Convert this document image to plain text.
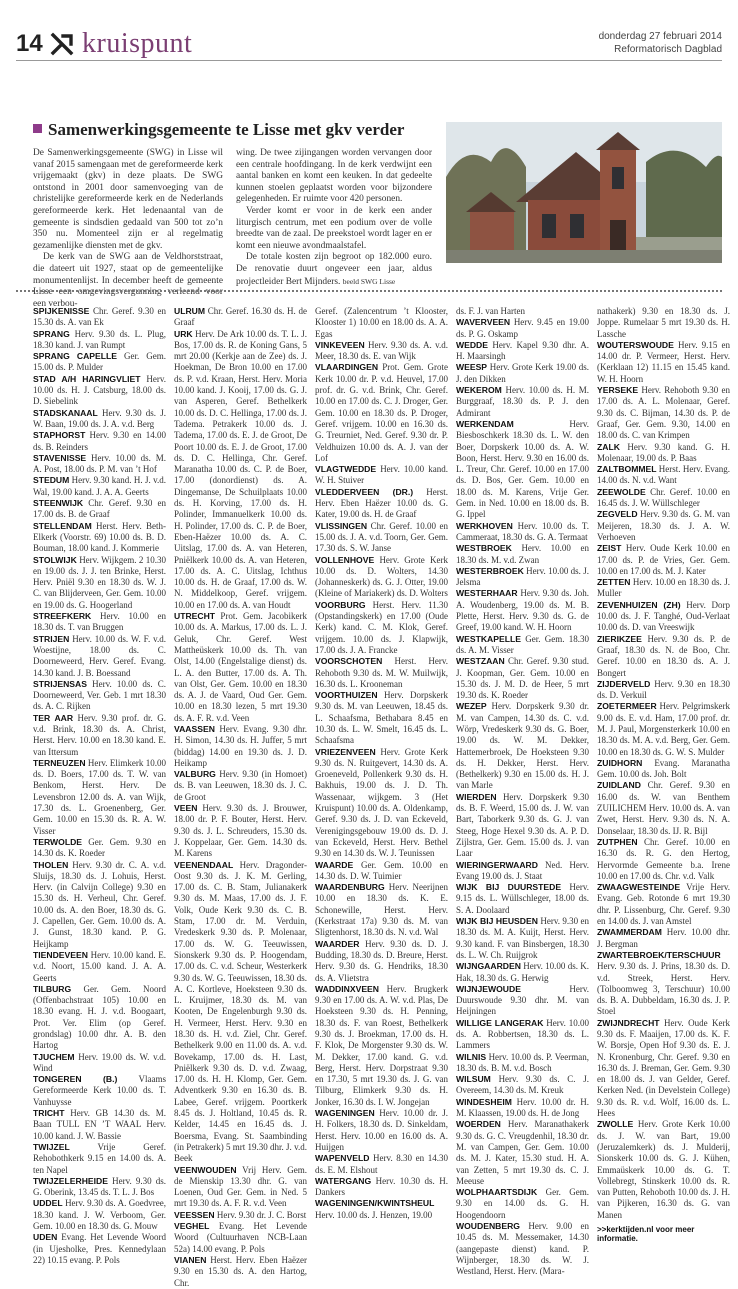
14 kruispunt	donderdag 27 februari 2014
Reformatorisch Dagblad
Samenwerkingsgemeente te Lisse met gkv verder

De Samenwerkingsgemeente (SWG) in Lisse wil vanaf 2015 samengaan met de gereformeerde kerk vrijgemaakt (gkv) in deze plaats. De SWG ontstond in 2001 door samenvoeging van de christelijke gereformeerde kerk en de Nederlands gereformeerde kerk. Het ledenaantal van de gemeente is sindsdien gedaald van 500 tot zo’n 350 nu. Momenteel zijn er al regelmatig gezamenlijke diensten met de gkv.

De kerk van de SWG aan de Veldhorststraat, die dateert uit 1927, staat op de gemeentelijke monumentenlijst. In december heeft de gemeente Lisse een omgevingsvergunning verleend voor een verbou-

wing. De twee zijingangen worden vervangen door een centrale hoofdingang. In de kerk verdwijnt een aantal banken en komt een keuken. In dat gedeelte kunnen stoelen geplaatst worden voor bijzondere gelegenheden. Er ruimte voor 420 personen.

Verder komt er voor in de kerk een ander liturgisch centrum, met een podium over de volle breedte van de zaal. De preekstoel wordt lager en er komt een nieuwe avondmaalstafel.

De totale kosten zijn begroot op 182.000 euro. De renovatie duurt ongeveer een jaar, aldus projectleider Bert Mijnders. beeld SWG Lisse

SPIJKENISSE Chr. Geref. 9.30 en 15.30 ds. A. van Ek

SPRANG Herv. 9.30 ds. L. Plug, 18.30 kand. J. van Rumpt

SPRANG CAPELLE Ger. Gem. 15.00 ds. P. Mulder

STAD A/H HARINGVLIET Herv. 10.00 ds. H. J. Catsburg, 18.00 ds. D. Siebelink

STADSKANAAL Herv. 9.30 ds. J. W. Baan, 19.00 ds. J. A. v.d. Berg

STAPHORST Herv. 9.30 en 14.00 ds. B. Reinders

STAVENISSE Herv. 10.00 ds. M. A. Post, 18.00 ds. P. M. van ’t Hof

STEDUM Herv. 9.30 kand. H. J. v.d. Wal, 19.00 kand. J. A. A. Geerts

STEENWIJK Chr. Geref. 9.30 en 17.00 ds. B. de Graaf

STELLENDAM Herst. Herv. Beth-Elkerk (Voorstr. 69) 10.00 ds. B. D. Bouman, 18.00 kand. J. Kommerie

STOLWIJK Herv. Wijkgem. 2 10.30 en 19.00 ds. J. J. ten Brinke, Herst. Herv. Pniël 9.30 en 18.30 ds. W. J. C. van Blijderveen, Ger. Gem. 10.00 en 19.00 ds. G. Hoogerland

STREEFKERK Herv. 10.00 en 18.30 ds. T. van Bruggen

STRIJEN Herv. 10.00 ds. W. F. v.d. Woestijne, 18.00 ds. C. Doorneweerd, Herv. Geref. Evang. 14.30 kand. J. B. Boessand

STRIJENSAS Herv. 10.00 ds. C. Doorneweerd, Ver. Geb. 1 mrt 18.30 ds. A. C. Rijken

TER AAR Herv. 9.30 prof. dr. G. v.d. Brink, 18.30 ds. A. Christ, Herst. Herv. 10.00 en 18.30 kand. E. van Ittersum

TERNEUZEN Herv. Elimkerk 10.00 ds. D. Boers, 17.00 ds. T. W. van Benkom, Herst. Herv. De Levensbron 12.00 ds. A. van Wijk, 17.30 ds. L. Groenenberg, Ger. Gem. 10.00 en 15.30 ds. R. A. W. Visser

TERWOLDE Ger. Gem. 9.30 en 14.30 ds. K. Roeder

THOLEN Herv. 9.30 dr. C. A. v.d. Sluijs, 18.30 ds. J. Lohuis, Herst. Herv. (in Calvijn College) 9.30 en 15.30 ds. H. Verheul, Chr. Geref. 10.00 ds. A. den Boer, 18.30 ds. G. J. Capellen, Ger. Gem. 10.00 ds. A. J. Gunst, 18.30 kand. P. G. Heijkamp

TIENDEVEEN Herv. 10.00 kand. E. v.d. Noort, 15.00 kand. J. A. A. Geerts

TILBURG Ger. Gem. Noord (Offenbachstraat 105) 10.00 en 18.30 evang. H. J. v.d. Boogaart, Prot. Ver. Elim (op Geref. grondslag) 10.00 dhr. A. B. den Hartog

TJUCHEM Herv. 19.00 ds. W. v.d. Wind

TONGEREN (B.) Vlaams Gereformeerde Kerk 10.00 ds. T. Vanhuysse

TRICHT Herv. GB 14.30 ds. M. Baan TULL EN ’T WAAL Herv. 10.00 kand. J. W. Bassie

TWIJZEL	Vrije Geref. Rehobothkerk 9.15 en 14.00 ds. A. ten Napel

TWIJZELERHEIDE Herv. 9.30 ds. G. Oberink, 13.45 ds. T. L. J. Bos

UDDEL Herv. 9.30 ds. A. Goedvree, 18.30 kand. J. W. Verboom, Ger. Gem. 10.00 en 18.30 ds. G. Mouw

UDEN Evang. Het Levende Woord (in Ujesholke, Pres. Kennedylaan 22) 10.15 evang. P. Pols

ULRUM Chr. Geref. 16.30 ds. H. de Graaf

URK Herv. De Ark 10.00 ds. T. L. J. Bos, 17.00 ds. R. de Koning Gans, 5 mrt 20.00 (Kerkje aan de Zee) ds. J. Hoekman, De Bron 10.00 en 17.00 ds. P. v.d. Kraan, Herst. Herv. Moria 10.00 kand. J. Kooij, 17.00 ds. G. J. van Asperen, Geref. Bethelkerk 10.00 ds. D. C. Hellinga, 17.00 ds. J. Tadema. Petrakerk 10.00 ds. J. Tadema, 17.00 ds. E. J. de Groot, De Poort 10.00 ds. E. J. de Groot, 17.00 ds. D. C. Hellinga, Chr. Geref. Maranatha 10.00 ds. C. P. de Boer, 17.00 (donordienst) ds. A. Dingemanse, De Schuilplaats 10.00 ds. H. Korving, 17.00 ds. H. Polinder, Immanuelkerk 10.00 ds. H. Polinder, 17.00 ds. C. P. de Boer, Eben-Haëzer 10.00 ds. A. C. Uitslag, 17.00 ds. A. van Heteren, Pniëlkerk 10.00 ds. A. van Heteren, 17.00 ds. A. C. Uitslag, Ichthus 10.00 ds. H. de Graaf, 17.00 ds. W. N. Middelkoop, Geref. vrijgem. 10.00 en 17.00 ds. A. van Houdt

UTRECHT Prot. Gem. Jacobikerk 10.00 ds. A. Markus, 17.00 ds. L. J. Geluk, Chr. Geref. West Mattheüskerk 10.00 ds. Th. van Olst, 14.00 (Engelstalige dienst) ds. L. A. den Butter, 17.00 ds. A. Th. van Olst, Ger. Gem. 10.00 en 18.30 ds. A. J. de Vaard, Oud Ger. Gem. 10.00 en 18.30 lezen, 5 mrt 19.30 ds. A. F. R. v.d. Veen

VAASSEN Herv. Evang. 9.30 dhr. H. Simon, 14.30 ds. H. Juffer, 5 mrt (biddag) 14.00 en 19.30 ds. J. D. Heikamp

VALBURG Herv. 9.30 (in Homoet) ds. B. van Leeuwen, 18.30 ds. J. C. de Groot

VEEN Herv. 9.30 ds. J. Brouwer, 18.00 dr. P. F. Bouter, Herst. Herv. 9.30 ds. J. L. Schreuders, 15.30 ds. J. Koppelaar, Ger. Gem. 14.30 ds. M. Karens

VEENENDAAL Herv. Dragonder-Oost 9.30 ds. J. K. M. Gerling, 17.00 ds. C. B. Stam, Julianakerk 9.30 ds. M. Maas, 17.00 ds. J. F. Volk, Oude Kerk 9.30 ds. C. B. Stam, 17.00 dr. M. Verduin, Vredeskerk 9.30 ds. P. Molenaar, 17.00 ds. W. G. Teeuwissen, Sionskerk 9.30 ds. P. Hoogendam, 17.00 ds. C. v.d. Scheur, Westerkerk 9.30 ds. W. G. Teeuwissen, 18.30 ds. A. C. Kortleve, Hoeksteen 9.30 ds. L. Kruijmer, 18.30 ds. M. van Kooten, De Engelenburgh 9.30 ds. H. Vermeer, Herst. Herv. 9.30 en 18.30 ds. H. v.d. Ziel, Chr. Geref. Bethelkerk 9.00 en 11.00 ds. A. v.d. Bovekamp, 17.00 ds. H. Last, Pniëlkerk 9.30 ds. D. v.d. Zwaag, 17.00 ds. H. H. Klomp, Ger. Gem. Adventkerk 9.30 en 16.30 ds. B. Labee, Geref. vrijgem. Poortkerk 8.45 ds. J. Holtland, 10.45 ds. R. Kelder, 14.45 en 16.45 ds. J. Boersma, Evang. St. Saambinding (in Petrakerk) 5 mrt 19.30 dhr. J. v.d. Beek

VEENWOUDEN Vrij Herv. Gem. de Mienskip 13.30 dhr. G. van Loenen, Oud Ger. Gem. in Ned. 5 mrt 19.30 ds. A. F. R. v.d. Veen

VEESSEN Herv. 9.30 dr. J. C. Borst

VEGHEL Evang. Het Levende Woord (Cultuurhaven NCB-Laan 52a) 14.00 evang. P. Pols

VIANEN Herst. Herv. Eben Haëzer 9.30 en 15.30 ds. A. den Hartog, Chr.

Geref. (Zalencentrum ’t Klooster, Klooster 1) 10.00 en 18.00 ds. A. A. Egas

VINKEVEEN Herv. 9.30 ds. A. v.d. Meer, 18.30 ds. E. van Wijk

VLAARDINGEN Prot. Gem. Grote Kerk 10.00 dr. P. v.d. Heuvel, 17.00 prof. dr. G. v.d. Brink, Chr. Geref. 10.00 en 17.00 ds. C. J. Droger, Ger. Gem. 10.00 en 18.30 ds. P. Droger, Geref. vrijgem. 10.00 en 16.30 ds. G. Treurniet, Ned. Geref. 9.30 dr. P. Veldhuizen 10.00 ds. A. J. van der Lof

VLAGTWEDDE Herv. 10.00 kand. W. H. Stuiver

VLEDDERVEEN (DR.) Herst. Herv. Eben Haëzer 10.00 ds. G. Kater, 19.00 ds. H. de Graaf

VLISSINGEN Chr. Geref. 10.00 en 15.00 ds. J. A. v.d. Toorn, Ger. Gem. 17.30 ds. S. W. Janse

VOLLENHOVE Herv. Grote Kerk 10.00 ds. D. Wolters, 14.30 (Johanneskerk) ds. G. J. Otter, 19.00 (Kleine of Mariakerk) ds. D. Wolters

VOORBURG Herst. Herv. 11.30 (Opstandingskerk) en 17.00 (Oude Kerk) kand. C. M. Klok, Geref. vrijgem. 10.00 ds. J. Klapwijk, 17.00 ds. J. A. Francke

VOORSCHOTEN Herst. Herv. Rehoboth 9.30 ds. M. W. Muilwijk, 16.30 ds. L. Krooneman

VOORTHUIZEN Herv. Dorpskerk 9.30 ds. M. van Leeuwen, 18.45 ds. L. Schaafsma, Bethabara 8.45 en 10.30 ds. L. W. Smelt, 16.45 ds. L. Schaafsma

VRIEZENVEEN Herv. Grote Kerk 9.30 ds. N. Ruitgevert, 14.30 ds. A. Groeneveld, Pollenkerk 9.30 ds. H. Bakhuis, 19.00 ds. J. D. Th. Wassenaar, wijkgem. 3 (Het Kruispunt) 10.00 ds. A. Oldenkamp, Geref. 9.30 ds. J. D. van Eckeveld, Verenigingsgebouw 19.00 ds. D. J. van Eckeveld, Herst. Herv. Bethel 9.30 en 14.30 ds. W. J. Teunissen

WAARDE Ger. Gem. 10.00 en 14.30 ds. D. W. Tuimier

WAARDENBURG Herv. Neerijnen 10.00 en 18.30 ds. K. E. Schonewille, Herst. Herv. (Kerkstraat 17a) 9.30 ds. M. van Sligtenhorst, 18.30 ds. N. v.d. Wal

WAARDER Herv. 9.30 ds. D. J. Budding, 18.30 ds. D. Breure, Herst. Herv. 9.30 ds. G. Hendriks, 18.30 ds. A. Vlietstra

WADDINXVEEN Herv. Brugkerk 9.30 en 17.00 ds. A. W. v.d. Plas, De Hoeksteen 9.30 ds. H. Penning, 18.30 ds. F. van Roest, Bethelkerk 9.30 ds. J. Broekman, 17.00 ds. H. F. Klok, De Morgenster 9.30 ds. W. M. Dekker, 17.00 kand. G. v.d. Berg, Herst. Herv. Dorpstraat 9.30 en 17.30, 5 mrt 19.30 ds. J. G. van Tilburg, Elimkerk 9.30 ds. H. Jonker, 16.30 ds. I. W. Jongejan

WAGENINGEN Herv. 10.00 dr. J. H. Folkers, 18.30 ds. D. Sinkeldam, Herst. Herv. 10.00 en 16.00 ds. A. Huijgen

WAPENVELD Herv. 8.30 en 14.30 ds. E. M. Elshout

WATERGANG Herv. 10.30 ds. H. Dankers

WAGENINGEN/KWINTSHEUL Herv. 10.00 ds. J. Henzen, 19.00

ds. F. J. van Harten

WAVERVEEN Herv. 9.45 en 19.00 ds. P. G. Oskamp

WEDDE Herv. Kapel 9.30 dhr. A. H. Maarsingh

WEESP Herv. Grote Kerk 19.00 ds. J. den Dikken

WEKEROM Herv. 10.00 ds. H. M. Burggraaf, 18.30 ds. P. J. den Admirant

WERKENDAM	Herv. Biesboschkerk 18.30 ds. L. W. den Boer, Dorpskerk 10.00 ds. A. W. Boon, Herst. Herv. 9.30 en 16.00 ds. L. Treur, Chr. Geref. 10.00 en 17.00 ds. D. Bos, Ger. Gem. 10.00 en 18.00 ds. M. Karens, Vrije Ger. Gem. in Ned. 10.00 en 18.00 ds. B. G. Ippel

WERKHOVEN Herv. 10.00 ds. T. Cammeraat, 18.30 ds. G. A. Termaat

WESTBROEK Herv. 10.00 en 18.30 ds. M. v.d. Zwan

WESTERBROEK Herv. 10.00 ds. J. Jelsma

WESTERHAAR Herv. 9.30 ds. Joh. A. Woudenberg, 19.00 ds. M. B. Plette, Herst. Herv. 9.30 ds. G. de Greef, 19.00 kand. W. H. Hoorn

WESTKAPELLE Ger. Gem. 18.30 ds. A. M. Visser

WESTZAAN Chr. Geref. 9.30 stud. J. Koopman, Ger. Gem. 10.00 en 15.30 ds. J. M. D. de Heer, 5 mrt 19.30 ds. K. Roeder

WEZEP Herv. Dorpskerk 9.30 dr. M. van Campen, 14.30 ds. C. v.d. Wörp, Vredeskerk 9.30 ds. G. Boer, 19.00 ds. W. M. Dekker, Hattemerbroek, De Hoeksteen 9.30 ds. H. Dekker, Herst. Herv. (Bethelkerk) 9.30 en 15.00 ds. H. J. van Marle

WIERDEN Herv. Dorpskerk 9.30 ds. B. F. Weerd, 15.00 ds. J. W. van Bart, Taborkerk 9.30 ds. G. J. van Steeg, Hoge Hexel 9.30 ds. A. P. D. Zijlstra, Ger. Gem. 15.00 ds. J. van Laar

WIERINGERWAARD Ned. Herv. Evang 19.00 ds. J. Staat

WIJK BIJ DUURSTEDE Herv. 9.15 ds. L. Wüllschleger, 18.00 ds. S. A. Doolaard

WIJK BIJ HEUSDEN Herv. 9.30 en 18.30 ds. M. A. Kuijt, Herst. Herv. 9.30 kand. F. van Binsbergen, 18.30 ds. L. W. Ch. Ruijgrok

WIJNGAARDEN Herv. 10.00 ds. K. Hak, 18.30 ds. G. Herwig

WIJNJEWOUDE	Herv. Duurswoude 9.30 dhr. M. van Heijningen

WILLIGE LANGERAK Herv. 10.00 ds. A. Robbertsen, 18.30 ds. L. Lammers

WILNIS Herv. 10.00 ds. P. Veerman, 18.30 ds. B. M. v.d. Bosch

WILSUM Herv. 9.30 ds. C. J. Overeem, 14.30 ds. M. Kreuk

WINDESHEIM Herv. 10.00 dr. H. M. Klaassen, 19.00 ds. H. de Jong

WOERDEN Herv. Maranathakerk 9.30 ds. G. C. Vreugdenhil, 18.30 dr. M. van Campen, Ger. Gem. 10.00 ds. M. J. Kater, 15.30 stud. H. A. van Zetten, 5 mrt 19.30 ds. C. J. Meeuse

WOLPHAARTSDIJK Ger. Gem. 9.30 en 14.00 ds. G. H. Hoogendoorn

WOUDENBERG Herv. 9.00 en 10.45 ds. M. Messemaker, 14.30 (aangepaste dienst) kand. P. Wijnberger, 18.30 ds. W. J. Westland, Herst. Herv. (Mara-

nathakerk) 9.30 en 18.30 ds. J. Joppe. Rumelaar 5 mrt 19.30 ds. H. Lassche

WOUTERSWOUDE Herv. 9.15 en 14.00 dr. P. Vermeer, Herst. Herv. (Kerklaan 12) 11.15 en 15.45 kand. W. H. Hoorn

YERSEKE Herv. Rehoboth 9.30 en 17.00 ds. A. L. Molenaar, Geref. 9.30 ds. C. Bijman, 14.30 ds. P. de Graaf, Ger. Gem. 9.30, 14.00 en 18.00 ds. C. van Krimpen

ZALK Herv. 9.30 kand. G. H. Molenaar, 19.00 ds. P. Baas

ZALTBOMMEL Herst. Herv. Evang. 14.00 ds. N. v.d. Want

ZEEWOLDE Chr. Geref. 10.00 en 16.45 ds. J. W. Wüllschleger

ZEGVELD Herv. 9.30 ds. G. M. van Meijeren, 18.30 ds. J. A. W. Verhoeven

ZEIST Herv. Oude Kerk 10.00 en 17.00 ds. P. de Vries, Ger. Gem. 10.00 en 17.00 ds. M. J. Kater

ZETTEN Herv. 10.00 en 18.30 ds. J. Muller

ZEVENHUIZEN (ZH) Herv. Dorp 10.00 ds. J. F. Tanghé, Oud-Verlaat 10.00 ds. D. van Vreeswijk

ZIERIKZEE Herv. 9.30 ds. P. de Graaf, 18.30 ds. N. de Boo, Chr. Geref. 10.00 en 18.30 ds. A. J. Bongert

ZIJDERVELD Herv. 9.30 en 18.30 ds. D. Verkuil

ZOETERMEER Herv. Pelgrimskerk 9.00 ds. E. v.d. Ham, 17.00 prof. dr. M. J. Paul, Morgensterkerk 10.00 en 18.30 ds. M. A. v.d. Berg, Ger. Gem. 10.00 en 18.30 ds. G. W. S. Mulder

ZUIDHORN Evang. Maranatha Gem. 10.00 ds. Joh. Bolt

ZUIDLAND Chr. Geref. 9.30 en 16.00 ds. W. van Benthem ZUILICHEM Herv. 10.00 ds. A. van Zwet, Herst. Herv. 9.30 ds. N. A. Donselaar, 18.30 ds. IJ. R. Bijl

ZUTPHEN Chr. Geref. 10.00 en 16.30 ds. R. G. den Hertog, Hervormde Gemeente b.a. Irene 10.00 en 17.00 ds. Chr. v.d. Valk

ZWAAGWESTEINDE Vrije Herv. Evang. Geb. Rotonde 6 mrt 19.30 dhr. P. Lissenburg, Chr. Geref. 9.30 en 14.00 ds. J. van Amstel

ZWAMMERDAM Herv. 10.00 dhr. J. Bergman

ZWARTEBROEK/TERSCHUUR Herv. 9.30 ds. J. Prins, 18.30 ds. D. v.d. Streek, Herst. Herv. (Tolboomweg 3, Terschuur) 10.00 ds. B. A. Dubbeldam, 16.30 ds. J. P. Stoel

ZWIJNDRECHT Herv. Oude Kerk 9.30 ds. F. Maaijen, 17.00 ds. K. F. W. Borsje, Open Hof 9.30 ds. E. J. N. Kronenburg, Chr. Geref. 9.30 en 16.30 ds. J. Breman, Ger. Gem. 9.30 en 18.00 ds. J. van Gelder, Geref. Kerken Ned. (in Develstein College) 9.30 ds. R. v.d. Wolf, 16.00 ds. L. Hees

ZWOLLE Herv. Grote Kerk 10.00 ds. J. W. van Bart, 19.00 (Jeruzalemkerk) ds. J. Mulderij, Sionskerk 10.00 ds. G. J. Kühen, Emmaüskerk 10.00 ds. G. T. Vollebregt, Stinskerk 10.00 ds. R. van Putten, Rehoboth 10.00 ds. J. H. van Pijkeren, 16.30 ds. G. van Manen

>>kerktijden.nl voor meer informatie.
